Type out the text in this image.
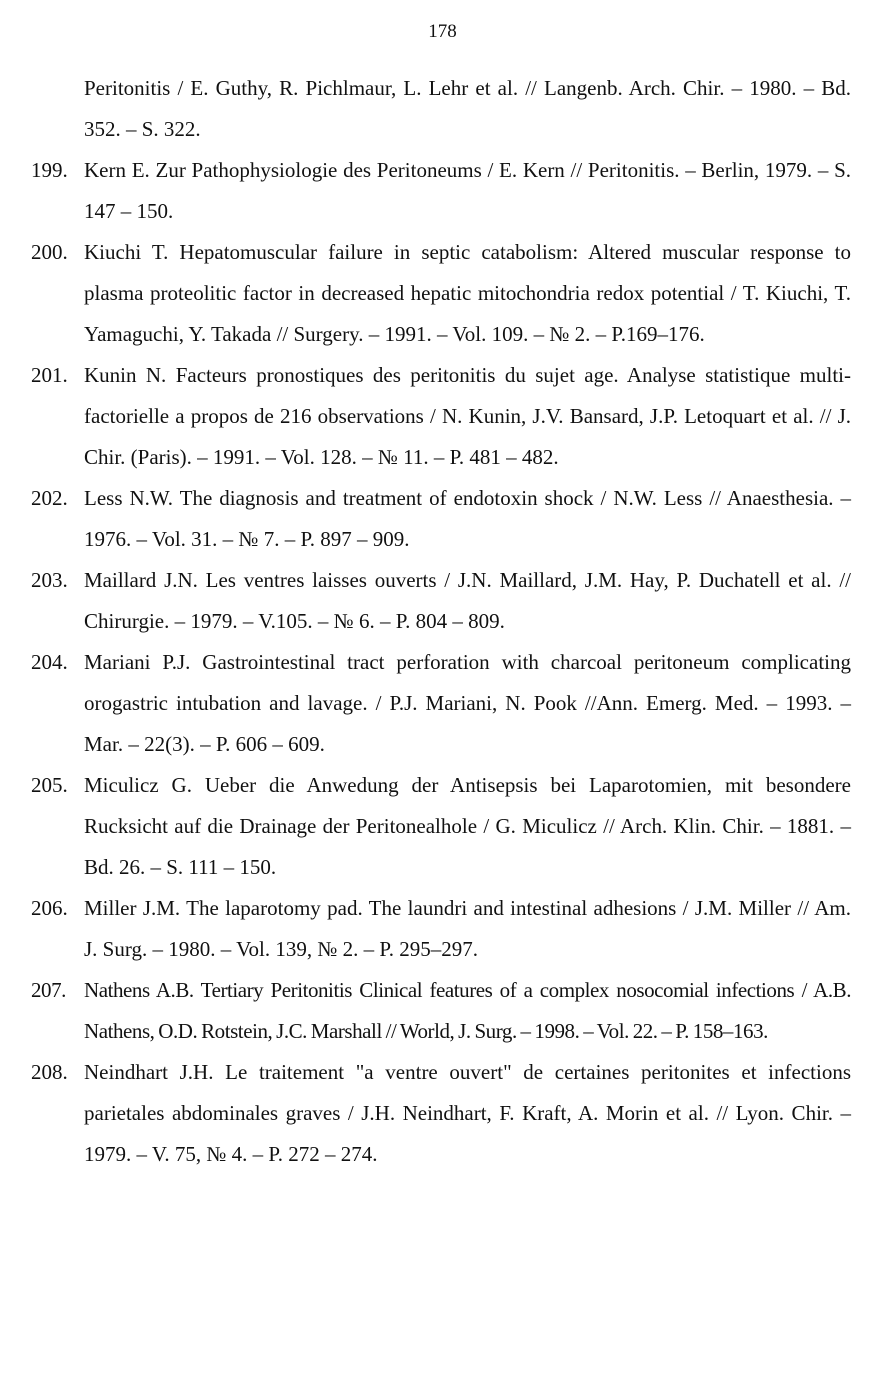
178
Peritonitis / E. Guthy, R. Pichlmaur, L. Lehr et al. // Langenb. Arch. Chir. – 1980. – Bd. 352. – S. 322.
199. Kern E. Zur Pathophysiologie des Peritoneums / E. Kern // Peritonitis. – Berlin, 1979. – S. 147 – 150.
200. Kiuchi T. Hepatomuscular failure in septic catabolism: Altered muscular response to plasma proteolitic factor in decreased hepatic mitochondria redox potential / T. Kiuchi, T. Yamaguchi, Y. Takada // Surgery. – 1991. – Vol. 109. – № 2. – P.169–176.
201. Kunin N. Facteurs pronostiques des peritonitis du sujet age. Analyse statistique multi-factorielle a propos de 216 observations / N. Kunin, J.V. Bansard, J.P. Letoquart et al. // J. Chir. (Paris). – 1991. – Vol. 128. – № 11. – P. 481 – 482.
202. Less N.W. The diagnosis and treatment of endotoxin shock / N.W. Less // Anaesthesia. – 1976. – Vol. 31. – № 7. – P. 897 – 909.
203. Maillard J.N. Les ventres laisses ouverts / J.N. Maillard, J.M. Hay, P. Duchatell et al. // Chirurgie. – 1979. – V.105. – № 6. – P. 804 – 809.
204. Mariani P.J. Gastrointestinal tract perforation with charcoal peritoneum complicating orogastric intubation and lavage. / P.J. Mariani, N. Pook //Ann. Emerg. Med. – 1993. – Mar. – 22(3). – P. 606 – 609.
205. Miculicz G. Ueber die Anwedung der Antisepsis bei Laparotomien, mit besondere Rucksicht auf die Drainage der Peritonealhole / G. Miculicz // Arch. Klin. Chir. – 1881. – Bd. 26. – S. 111 – 150.
206. Miller J.M. The laparotomy pad. The laundri and intestinal adhesions / J.M. Miller // Am. J. Surg. – 1980. – Vol. 139, № 2. – P. 295–297.
207. Nathens A.B. Tertiary Peritonitis Clinical features of a complex nosocomial infections / A.B. Nathens, O.D. Rotstein, J.C. Marshall // World, J. Surg. – 1998. – Vol. 22. – P. 158–163.
208. Neindhart J.H. Le traitement "a ventre ouvert" de certaines peritonites et infections parietales abdominales graves / J.H. Neindhart, F. Kraft, A. Morin et al. // Lyon. Chir. – 1979. – V. 75, № 4. – P. 272 – 274.
